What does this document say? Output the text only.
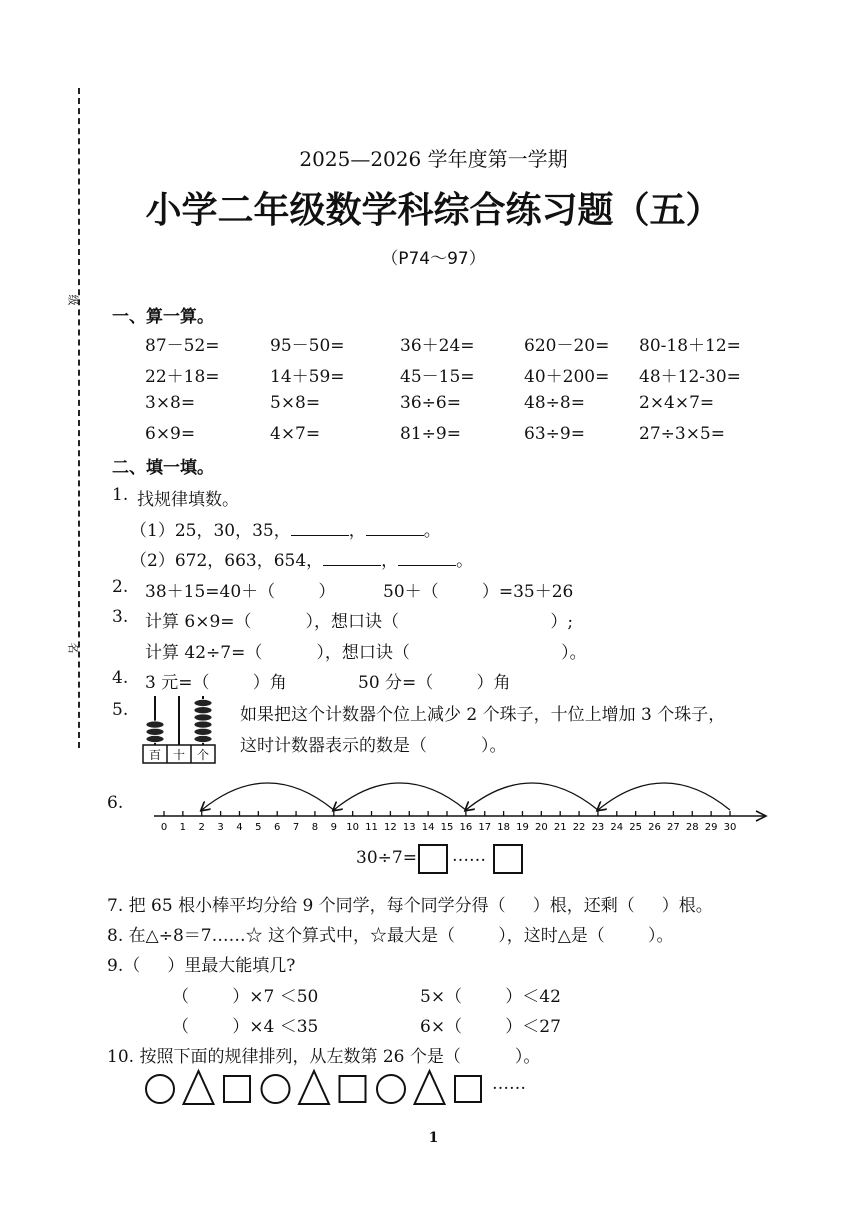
级
名
2025—2026 学年度第一学期
小学二年级数学科综合练习题（五）
（P74～97）
一、算一算。
87－52=	95－50=	36＋24=	620－20= 80-18＋12=
22＋18=	14＋59=	45－15=	40＋200= 48＋12-30=
3×8=	5×8=	36÷6=	48÷8=	2×4×7=
6×9=	4×7=	81÷9=	63÷9=	27÷3×5=
二、填一填。
1. 找规律填数。
（1）25，30，35，	，	。
（2）672，663，654，	，	。
2. 38＋15=40＋（        ）	50＋（        ）=35＋26
3. 计算 6×9=（          ），想口诀（                            ）;
计算 42÷7=（          ），想口诀（                            ）。
4. 3 元=（        ）角	50 分=（        ）角
5.
百 十 个
如果把这个计数器个位上减少 2 个珠子，十位上增加 3 个珠子，
这时计数器表示的数是（          ）。
6.
0 1 2 3 4 5 6 7 8 9 10 11 12 13 14 15 16 17 18 19 20 21 22 23 24 25 26 27 28 29 30
30÷7= ……
7. 把 65 根小棒平均分给 9 个同学，每个同学分得（     ）根，还剩（     ）根。
8. 在△÷8＝7……☆ 这个算式中，☆最大是（        ），这时△是（        ）。
9.（     ）里最大能填几?
（        ）×7 ＜50	5×（        ）＜42
（        ）×4 ＜35	6×（        ）＜27
10. 按照下面的规律排列，从左数第 26 个是（          ）。
……
1
